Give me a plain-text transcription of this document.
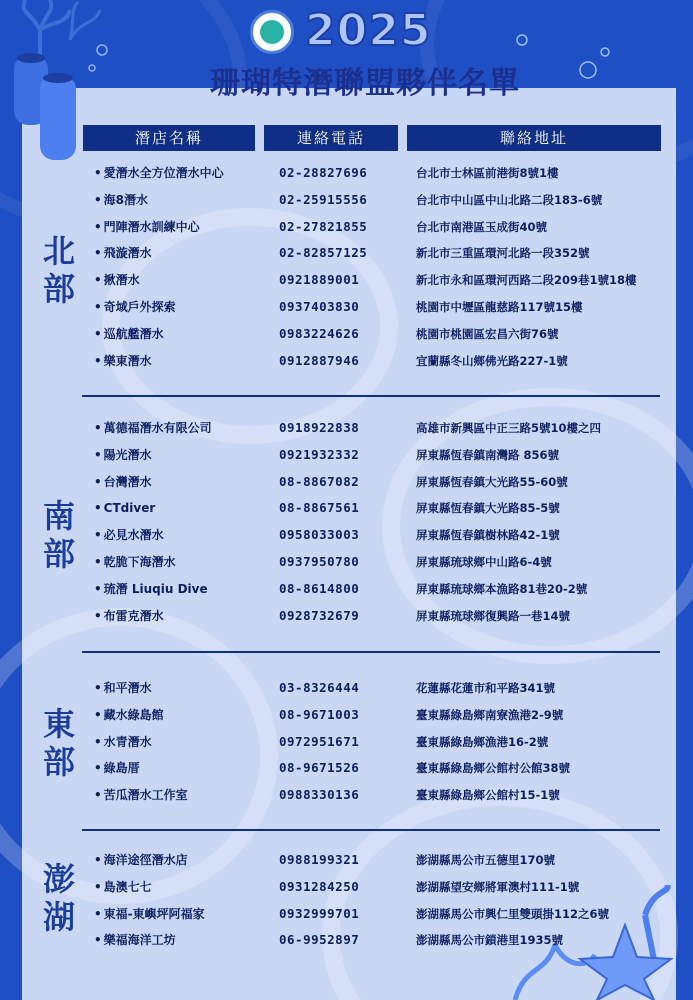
2025
珊瑚特潛聯盟夥伴名單
潛店名稱	連絡電話	聯絡地址
北
部
• 愛潛水全方位潛水中心	02-28827696	台北市士林區前港街8號1樓
• 海8潛水	02-25915556	台北市中山區中山北路二段183-6號
• 門陣潛水訓練中心	02-27821855	台北市南港區玉成街40號
• 飛漩潛水	02-82857125	新北市三重區環河北路一段352號
• 揪潛水	0921889001	新北市永和區環河西路二段209巷1號18樓
• 奇域戶外探索	0937403830	桃園市中壢區龍慈路117號15樓
• 巡航艦潛水	0983224626	桃園市桃園區宏昌六街76號
• 樂東潛水	0912887946	宜蘭縣冬山鄉佛光路227-1號
南
部
• 萬德福潛水有限公司	0918922838	高雄市新興區中正三路5號10樓之四
• 陽光潛水	0921932332	屏東縣恆春鎮南灣路 856號
• 台灣潛水	08-8867082	屏東縣恆春鎮大光路55-60號
• CTdiver	08-8867561	屏東縣恆春鎮大光路85-5號
• 必見水潛水	0958033003	屏東縣恆春鎮樹林路42-1號
• 乾脆下海潛水	0937950780	屏東縣琉球鄉中山路6-4號
• 琉潛 Liuqiu Dive	08-8614800	屏東縣琉球鄉本漁路81巷20-2號
• 布雷克潛水	0928732679	屏東縣琉球鄉復興路一巷14號
東
部
• 和平潛水	03-8326444	花蓮縣花蓮市和平路341號
• 藏水綠島館	08-9671003	臺東縣綠島鄉南寮漁港2-9號
• 水青潛水	0972951671	臺東縣綠島鄉漁港16-2號
• 綠島厝	08-9671526	臺東縣綠島鄉公館村公館38號
• 苦瓜潛水工作室	0988330136	臺東縣綠島鄉公館村15-1號
澎
湖
• 海洋途徑潛水店	0988199321	澎湖縣馬公市五德里170號
• 島澳七七	0931284250	澎湖縣望安鄉將軍澳村111-1號
• 東福-東嶼坪阿福家	0932999701	澎湖縣馬公市興仁里雙頭掛112之6號
• 樂福海洋工坊	06-9952897	澎湖縣馬公市鎖港里1935號
